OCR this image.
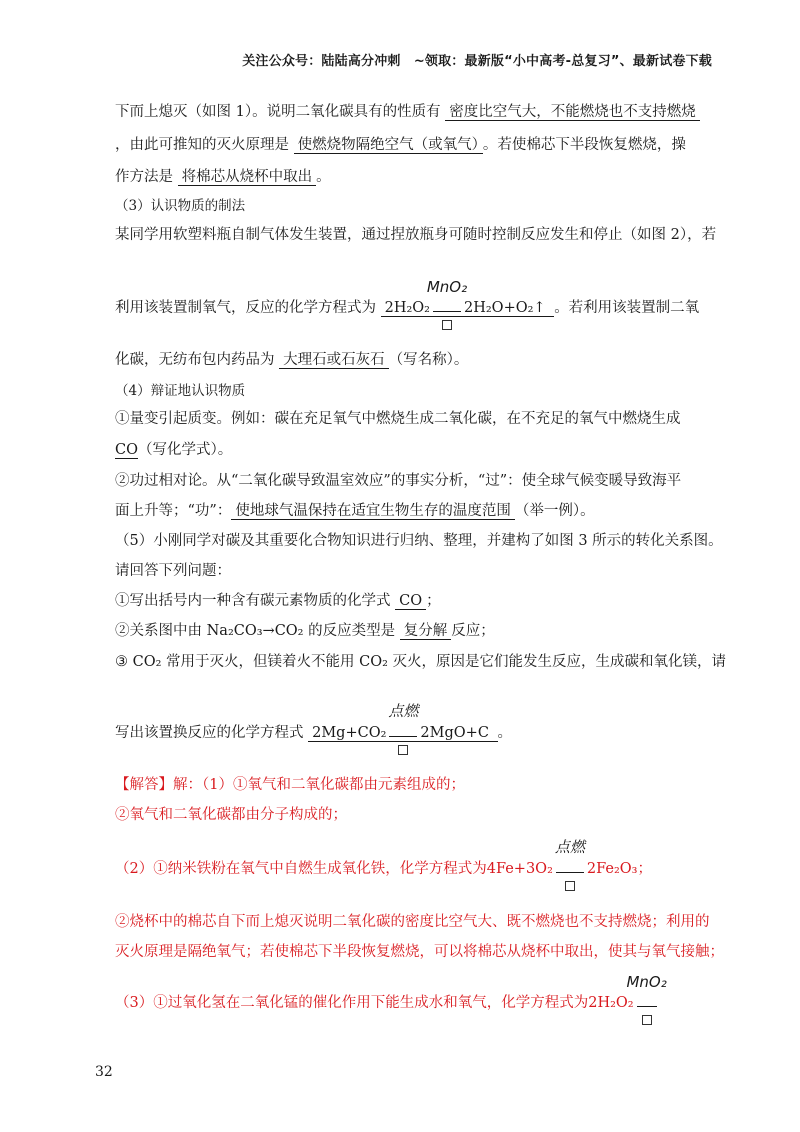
关注公众号：陆陆高分冲刺　~领取：最新版“小中高考-总复习”、最新试卷下载
下而上熄灭（如图 1）。说明二氧化碳具有的性质有 密度比空气大，不能燃烧也不支持燃烧
，由此可推知的灭火原理是 使燃烧物隔绝空气（或氧气） 。若使棉芯下半段恢复燃烧，操
作方法是 将棉芯从烧杯中取出 。
（3）认识物质的制法
某同学用软塑料瓶自制气体发生装置，通过捏放瓶身可随时控制反应发生和停止（如图 2），若
利用该装置制氧气，反应的化学方程式为 2H₂O₂
MnO₂
2H₂O+O₂↑ 。若利用该装置制二氧
化碳，无纺布包内药品为 大理石或石灰石 （写名称）。
（4）辩证地认识物质
①量变引起质变。例如：碳在充足氧气中燃烧生成二氧化碳，在不充足的氧气中燃烧生成
CO（写化学式）。
②功过相对论。从“二氧化碳导致温室效应”的事实分析，“过”：使全球气候变暖导致海平
面上升等；“功”： 使地球气温保持在适宜生物生存的温度范围 （举一例）。
（5）小刚同学对碳及其重要化合物知识进行归纳、整理，并建构了如图 3 所示的转化关系图。
请回答下列问题：
①写出括号内一种含有碳元素物质的化学式 CO ；
②关系图中由 Na₂CO₃→CO₂ 的反应类型是 复分解 反应；
③ CO₂ 常用于灭火，但镁着火不能用 CO₂ 灭火，原因是它们能发生反应，生成碳和氧化镁，请
写出该置换反应的化学方程式 2Mg+CO₂
点燃
2MgO+C 。
【解答】解：（1）①氧气和二氧化碳都由元素组成的；
②氧气和二氧化碳都由分子构成的；
（2）①纳米铁粉在氧气中自燃生成氧化铁，化学方程式为4Fe+3O₂
点燃
2Fe₂O₃；
②烧杯中的棉芯自下而上熄灭说明二氧化碳的密度比空气大、既不燃烧也不支持燃烧；利用的
灭火原理是隔绝氧气；若使棉芯下半段恢复燃烧，可以将棉芯从烧杯中取出，使其与氧气接触；
（3）①过氧化氢在二氧化锰的催化作用下能生成水和氧气，化学方程式为2H₂O₂
MnO₂
32
